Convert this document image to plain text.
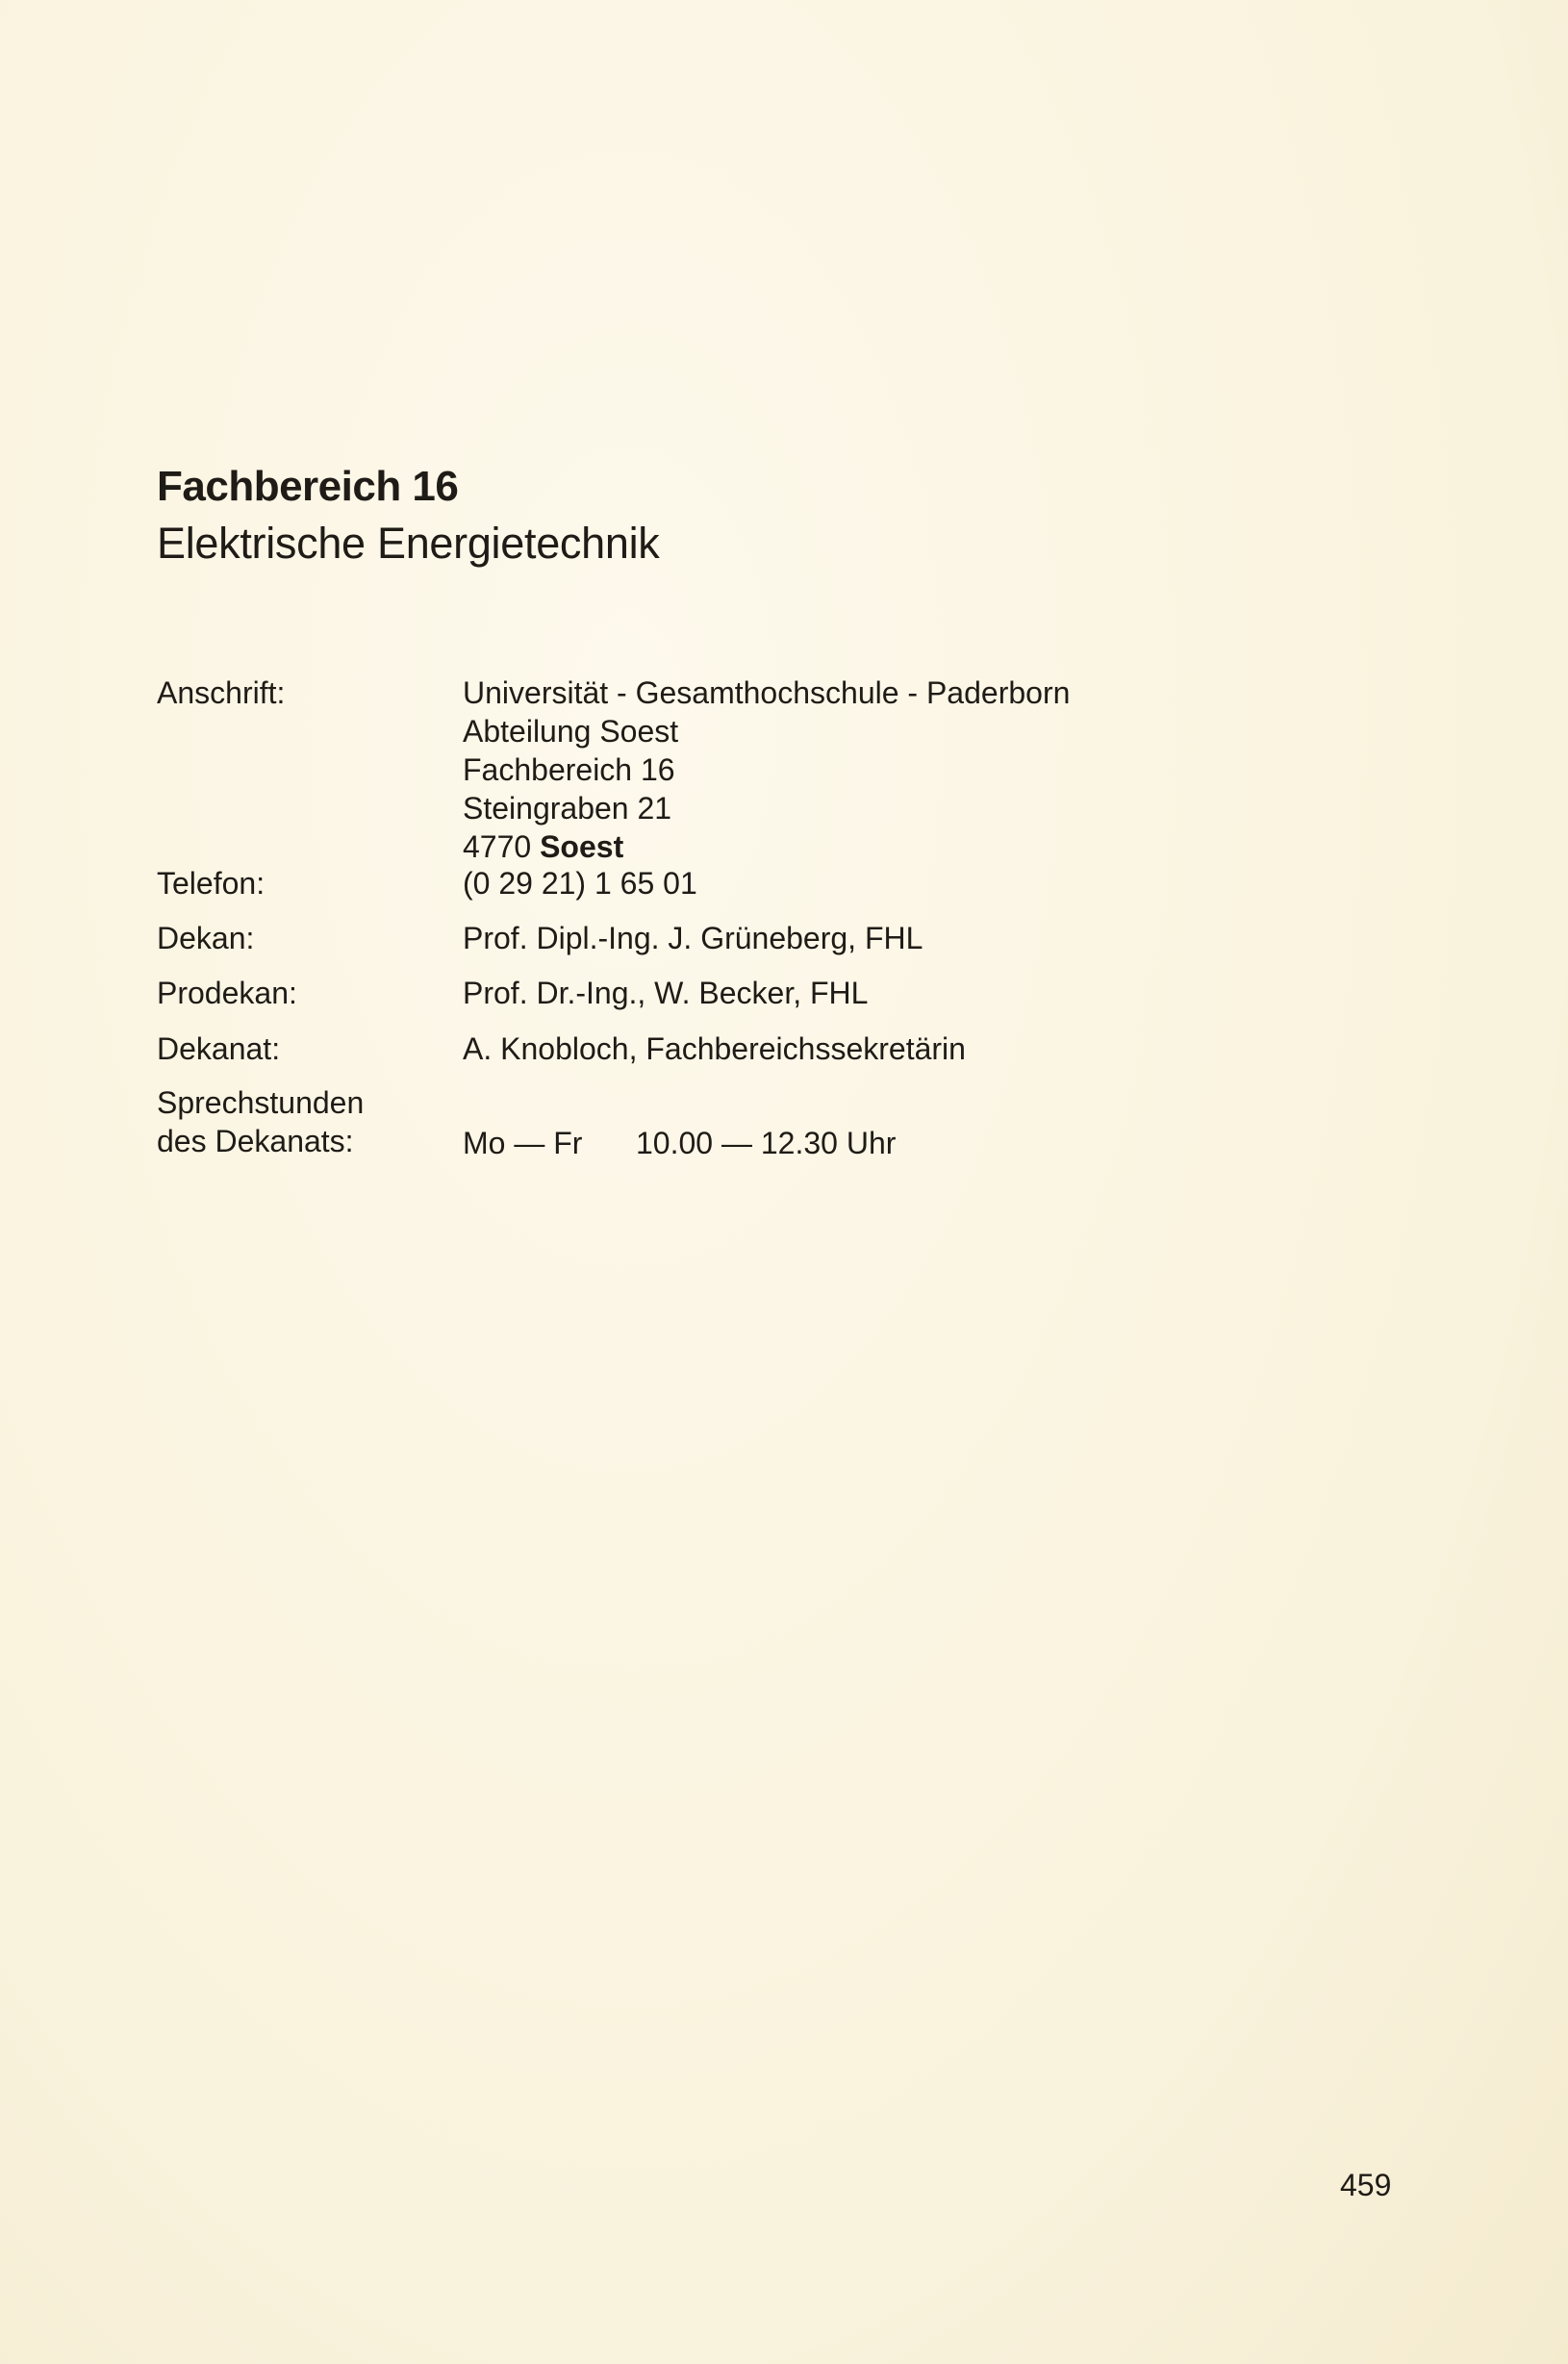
Fachbereich 16
Elektrische Energietechnik
Anschrift:	Universität - Gesamthochschule - Paderborn
Abteilung Soest
Fachbereich 16
Steingraben 21
4770 Soest
Telefon:	(0 29 21) 1 65 01
Dekan:	Prof. Dipl.-Ing. J. Grüneberg, FHL
Prodekan:	Prof. Dr.-Ing., W. Becker, FHL
Dekanat:	A. Knobloch, Fachbereichssekretärin
Sprechstunden
des Dekanats:	Mo — Fr 10.00 — 12.30 Uhr
459
